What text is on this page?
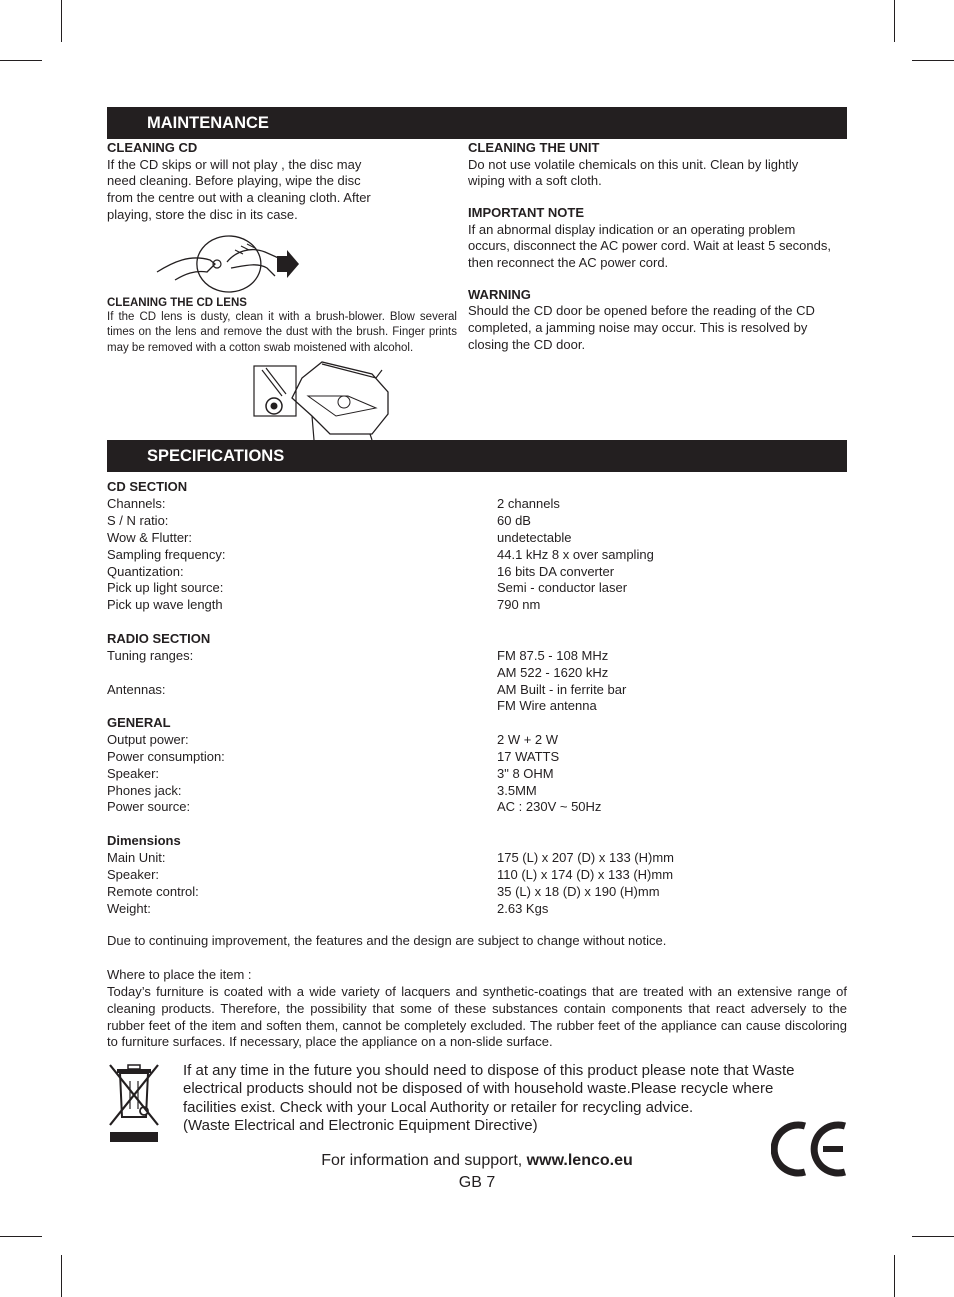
MAINTENANCE
CLEANING CD
If the CD skips or will not play , the disc may
need cleaning. Before playing, wipe the disc
from the centre out with a cleaning cloth. After
playing, store the disc in its case.
CLEANING THE CD LENS
If the CD lens is dusty, clean it with a brush-blower. Blow several times on the lens and remove the dust with the brush. Finger prints may be removed with a cotton swab moistened with alcohol.
CLEANING THE UNIT
Do not use volatile chemicals on this unit. Clean by lightly
wiping with a soft cloth.
IMPORTANT NOTE
If an abnormal display indication or an operating problem
occurs, disconnect the AC power cord. Wait at least 5 seconds,
then reconnect the AC power cord.
WARNING
Should the CD door be opened before the reading of the CD
completed, a jamming noise may occur. This is resolved by
closing the CD door.
SPECIFICATIONS
CD SECTION
Channels:	2 channels
S / N ratio:	60 dB
Wow & Flutter:	undetectable
Sampling frequency:	44.1 kHz 8 x over sampling
Quantization:	16 bits DA converter
Pick up light source:	Semi - conductor laser
Pick up wave length	790 nm
RADIO SECTION
Tuning ranges:	FM 87.5 - 108 MHz
AM 522 - 1620 kHz
Antennas:	AM Built - in ferrite bar
FM Wire antenna
GENERAL
Output power:	2 W + 2 W
Power consumption:	17 WATTS
Speaker:	3" 8 OHM
Phones jack:	3.5MM
Power source:	AC : 230V ~ 50Hz
Dimensions
Main Unit:	175 (L) x 207 (D) x 133 (H)mm
Speaker:	110 (L) x 174 (D) x 133 (H)mm
Remote control:	35 (L) x 18 (D) x 190 (H)mm
Weight:	2.63 Kgs
Due to continuing improvement, the features and the design are subject to change without notice.
Where to place the item :
Today’s furniture is coated with a wide variety of lacquers and synthetic-coatings that are treated with an extensive range of cleaning products. Therefore, the possibility that some of these substances contain components that react adversely to the rubber feet of the item and soften them, cannot be completely excluded. The rubber feet of the appliance can cause discoloring to furniture surfaces. If necessary, place the appliance on a non-slide surface.
If at any time in the future you should need to dispose of this product please note that Waste
electrical products should not be disposed of with household waste.Please recycle where
facilities exist. Check with your Local Authority or retailer for recycling advice.
(Waste Electrical and Electronic Equipment Directive)
For information and support, www.lenco.eu
GB 7
